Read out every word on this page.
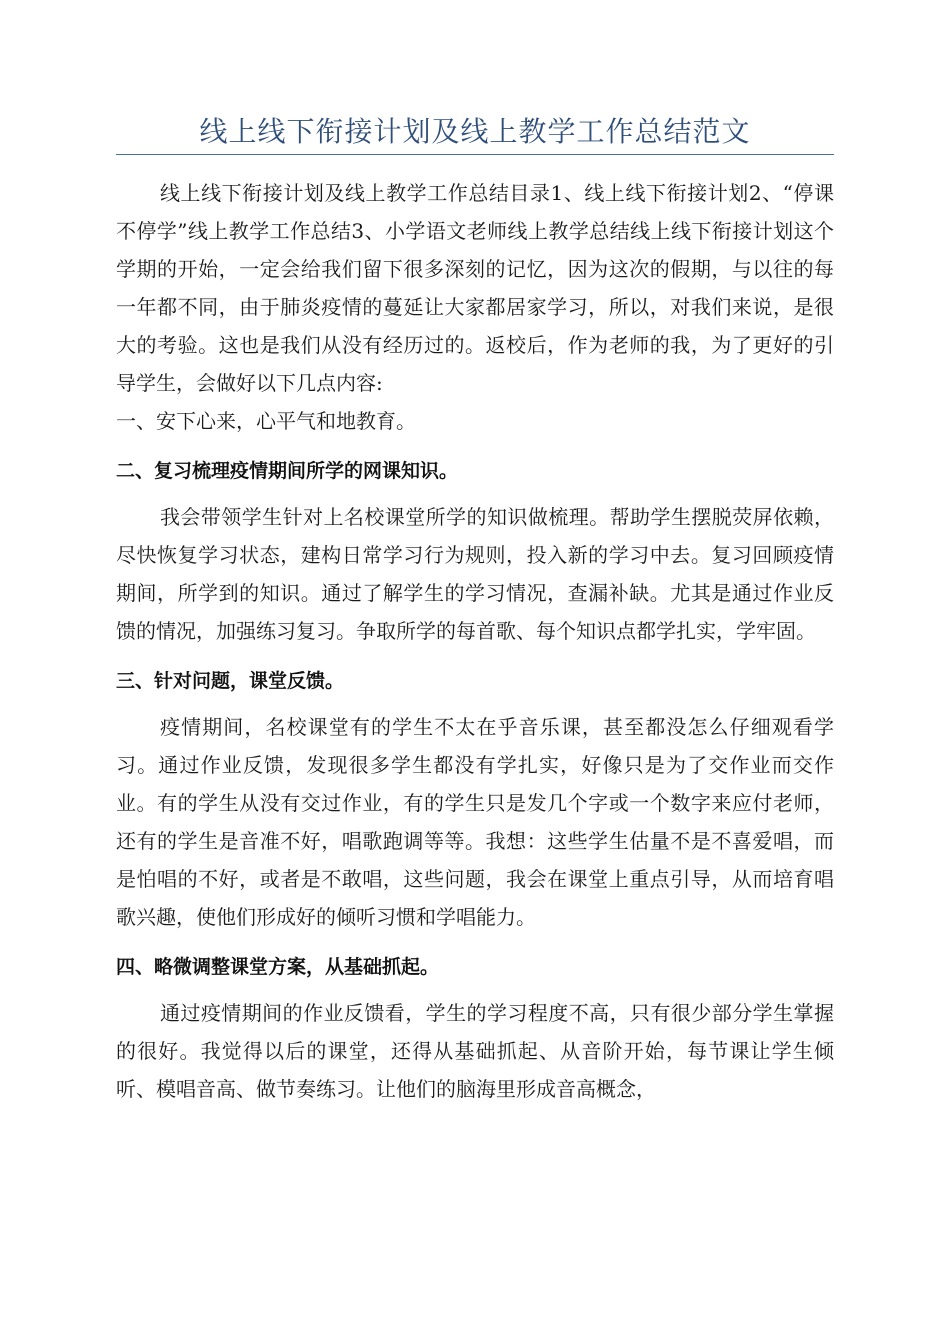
线上线下衔接计划及线上教学工作总结范文

线上线下衔接计划及线上教学工作总结目录1、线上线下衔接计划2、“停课不停学”线上教学工作总结3、小学语文老师线上教学总结线上线下衔接计划这个学期的开始，一定会给我们留下很多深刻的记忆，因为这次的假期，与以往的每一年都不同，由于肺炎疫情的蔓延让大家都居家学习，所以，对我们来说，是很大的考验。这也是我们从没有经历过的。返校后，作为老师的我，为了更好的引导学生，会做好以下几点内容:

一、安下心来，心平气和地教育。

二、复习梳理疫情期间所学的网课知识。

我会带领学生针对上名校课堂所学的知识做梳理。帮助学生摆脱荧屏依赖，尽快恢复学习状态，建构日常学习行为规则，投入新的学习中去。复习回顾疫情期间，所学到的知识。通过了解学生的学习情况，查漏补缺。尤其是通过作业反馈的情况，加强练习复习。争取所学的每首歌、每个知识点都学扎实，学牢固。

三、针对问题，课堂反馈。

疫情期间，名校课堂有的学生不太在乎音乐课，甚至都没怎么仔细观看学习。通过作业反馈，发现很多学生都没有学扎实，好像只是为了交作业而交作业。有的学生从没有交过作业，有的学生只是发几个字或一个数字来应付老师，还有的学生是音准不好，唱歌跑调等等。我想：这些学生估量不是不喜爱唱，而是怕唱的不好，或者是不敢唱，这些问题，我会在课堂上重点引导，从而培育唱歌兴趣，使他们形成好的倾听习惯和学唱能力。

四、略微调整课堂方案，从基础抓起。

通过疫情期间的作业反馈看，学生的学习程度不高，只有很少部分学生掌握的很好。我觉得以后的课堂，还得从基础抓起、从音阶开始，每节课让学生倾听、模唱音高、做节奏练习。让他们的脑海里形成音高概念，
